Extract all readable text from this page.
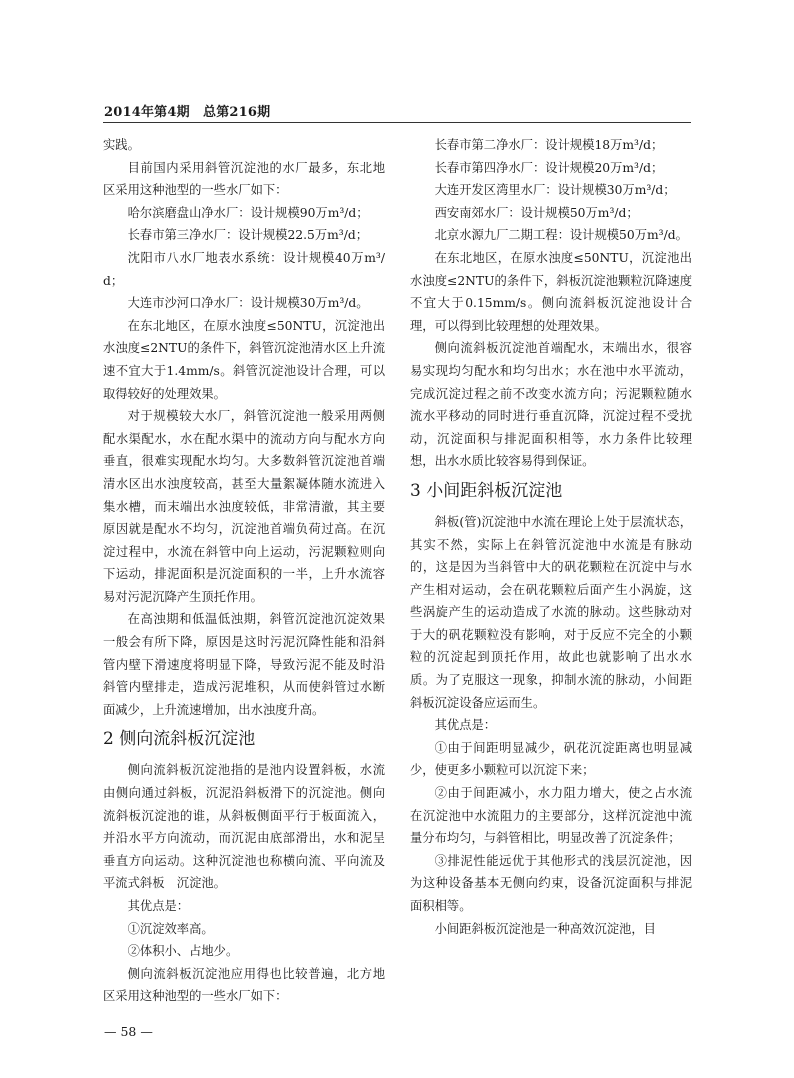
2014年第4期　总第216期

实践。

目前国内采用斜管沉淀池的水厂最多，东北地区采用这种池型的一些水厂如下：

哈尔滨磨盘山净水厂：设计规模90万m³/d；

长春市第三净水厂：设计规模22.5万m³/d；

沈阳市八水厂地表水系统：设计规模40万m³/d；

大连市沙河口净水厂：设计规模30万m³/d。

在东北地区，在原水浊度≤50NTU，沉淀池出水浊度≤2NTU的条件下，斜管沉淀池清水区上升流速不宜大于1.4mm/s。斜管沉淀池设计合理，可以取得较好的处理效果。

对于规模较大水厂，斜管沉淀池一般采用两侧配水渠配水，水在配水渠中的流动方向与配水方向垂直，很难实现配水均匀。大多数斜管沉淀池首端清水区出水浊度较高，甚至大量絮凝体随水流进入集水槽，而末端出水浊度较低，非常清澈，其主要原因就是配水不均匀，沉淀池首端负荷过高。在沉淀过程中，水流在斜管中向上运动，污泥颗粒则向下运动，排泥面积是沉淀面积的一半，上升水流容易对污泥沉降产生顶托作用。

在高浊期和低温低浊期，斜管沉淀池沉淀效果一般会有所下降，原因是这时污泥沉降性能和沿斜管内壁下滑速度将明显下降，导致污泥不能及时沿斜管内壁排走，造成污泥堆积，从而使斜管过水断面减少，上升流速增加，出水浊度升高。

2 侧向流斜板沉淀池

侧向流斜板沉淀池指的是池内设置斜板，水流由侧向通过斜板，沉泥沿斜板滑下的沉淀池。侧向流斜板沉淀池的谁，从斜板侧面平行于板面流入，并沿水平方向流动，而沉泥由底部滑出，水和泥呈垂直方向运动。这种沉淀池也称横向流、平向流及平流式斜板　沉淀池。

其优点是：

①沉淀效率高。

②体积小、占地少。

侧向流斜板沉淀池应用得也比较普遍，北方地区采用这种池型的一些水厂如下：

长春市第二净水厂：设计规模18万m³/d；

长春市第四净水厂：设计规模20万m³/d；

大连开发区湾里水厂：设计规模30万m³/d；

西安南郊水厂：设计规模50万m³/d；

北京水源九厂二期工程：设计规模50万m³/d。

在东北地区，在原水浊度≤50NTU，沉淀池出水浊度≤2NTU的条件下，斜板沉淀池颗粒沉降速度不宜大于0.15mm/s。侧向流斜板沉淀池设计合理，可以得到比较理想的处理效果。

侧向流斜板沉淀池首端配水，末端出水，很容易实现均匀配水和均匀出水；水在池中水平流动，完成沉淀过程之前不改变水流方向；污泥颗粒随水流水平移动的同时进行垂直沉降，沉淀过程不受扰动，沉淀面积与排泥面积相等，水力条件比较理想，出水水质比较容易得到保证。

3 小间距斜板沉淀池

斜板(管)沉淀池中水流在理论上处于层流状态，其实不然，实际上在斜管沉淀池中水流是有脉动的，这是因为当斜管中大的矾花颗粒在沉淀中与水产生相对运动，会在矾花颗粒后面产生小涡旋，这些涡旋产生的运动造成了水流的脉动。这些脉动对于大的矾花颗粒没有影响，对于反应不完全的小颗粒的沉淀起到顶托作用，故此也就影响了出水水质。为了克服这一现象，抑制水流的脉动，小间距斜板沉淀设备应运而生。

其优点是：

①由于间距明显减少，矾花沉淀距离也明显减少，使更多小颗粒可以沉淀下来；

②由于间距减小，水力阻力增大，使之占水流在沉淀池中水流阻力的主要部分，这样沉淀池中流量分布均匀，与斜管相比，明显改善了沉淀条件；

③排泥性能远优于其他形式的浅层沉淀池，因为这种设备基本无侧向约束，设备沉淀面积与排泥面积相等。

小间距斜板沉淀池是一种高效沉淀池，目

— 58 —
